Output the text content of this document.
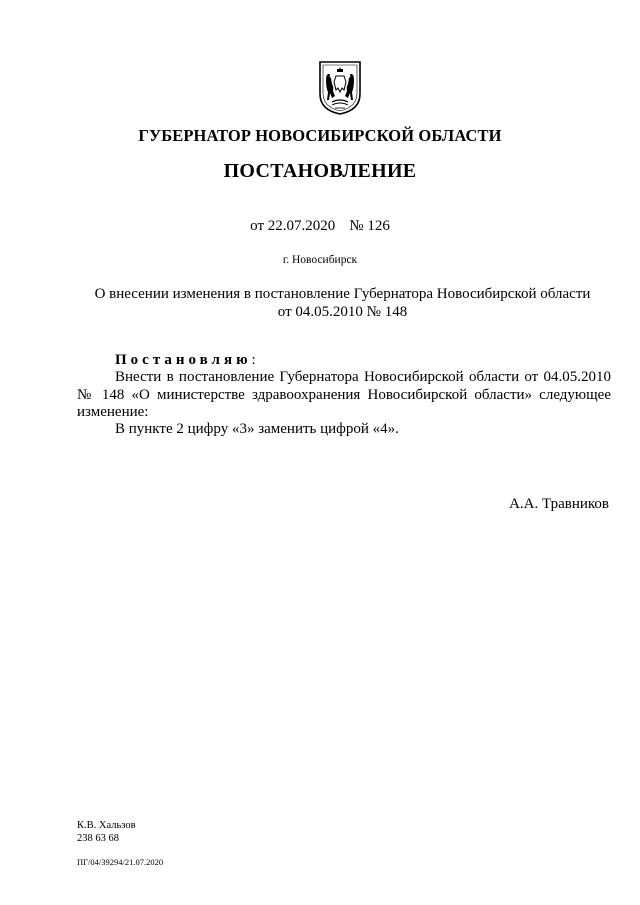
ГУБЕРНАТОР НОВОСИБИРСКОЙ ОБЛАСТИ
ПОСТАНОВЛЕНИЕ
от 22.07.2020 № 126
г. Новосибирск
О внесении изменения в постановление Губернатора Новосибирской области
от 04.05.2010 № 148
Постановляю:

Внести в постановление Губернатора Новосибирской области от 04.05.2010 № 148 «О министерстве здравоохранения Новосибирской области» следующее изменение:

В пункте 2 цифру «3» заменить цифрой «4».

А.А. Травников
К.В. Хальзов
238 63 68
ПГ/04/39294/21.07.2020
